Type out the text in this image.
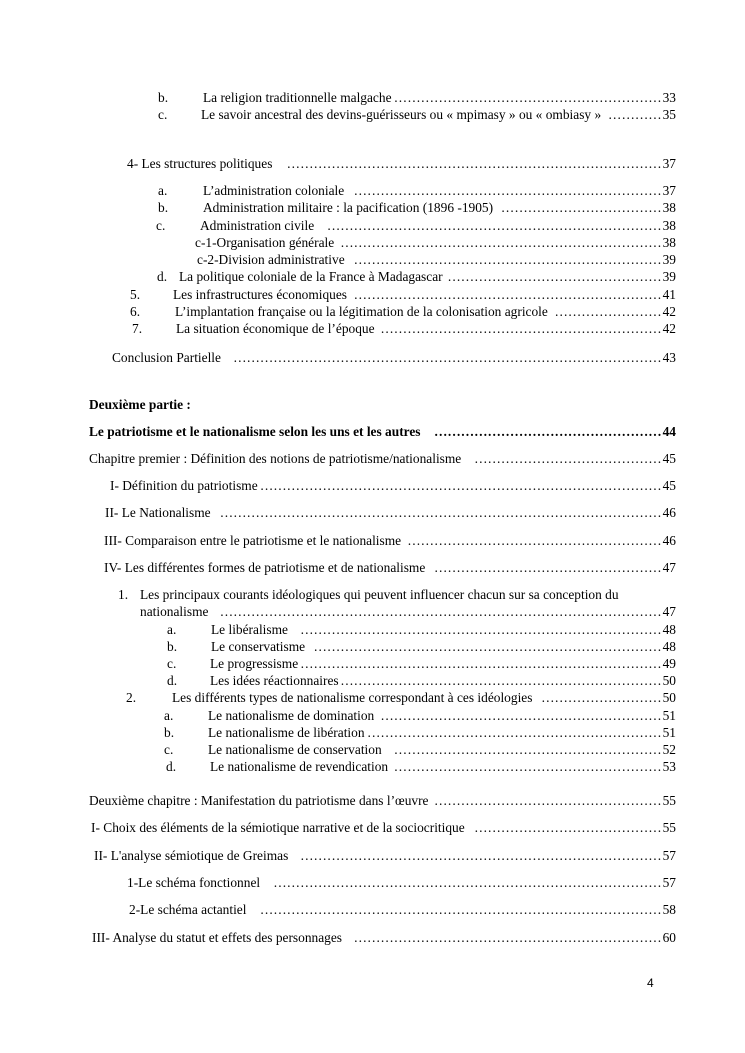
b.	La religion traditionnelle malgache	33
……………………………………………………
c.	Le savoir ancestral des devins-guérisseurs ou « mpimasy » ou « ombiasy »	35
…………
4- Les structures politiques	37
…………………………………………………………………………
a.	L’administration coloniale	37
……………………………………………………………
b.	Administration militaire : la pacification (1896 -1905)	38
………………………………
c.	Administration civile	38
…………………………………………………………………
c-1-Organisation générale	38
………………………………………………………………
c-2-Division administrative	39
……………………………………………………………
d. La politique coloniale de la France à Madagascar	39
…………………………………………
5. Les infrastructures économiques	41
……………………………………………………………
6.	L’implantation française ou la légitimation de la colonisation agricole	42
……………………
7.	La situation économique de l’époque	42
………………………………………………………
Conclusion Partielle	43
……………………………………………………………………………………
Deuxième partie :
Le patriotisme et le nationalisme selon les uns et les autres	44
……………………………………………
Chapitre premier : Définition des notions de patriotisme/nationalisme	45
……………………………………
I- Définition du patriotisme	45
………………………………………………………………………………
II- Le Nationalisme	46
………………………………………………………………………………………
III- Comparaison entre le patriotisme et le nationalisme	46
…………………………………………………
IV- Les différentes formes de patriotisme et de nationalisme	47
……………………………………………
1. Les principaux courants idéologiques qui peuvent influencer chacun sur sa conception du
nationalisme	47
………………………………………………………………………………………
a.	Le libéralisme	48
………………………………………………………………………
b.	Le conservatisme	48
……………………………………………………………………
c.	Le progressisme	49
………………………………………………………………………
d. Les idées réactionnaires	50
………………………………………………………………
2.	Les différents types de nationalisme correspondant à ces idéologies	50
………………………
a.	Le nationalisme de domination	51
………………………………………………………
b.	Le nationalisme de libération	51
…………………………………………………………
c.	Le nationalisme de conservation	52
……………………………………………………
d.	Le nationalisme de revendication	53
……………………………………………………
Deuxième chapitre : Manifestation du patriotisme dans l’œuvre	55
……………………………………………
I- Choix des éléments de la sémiotique narrative et de la sociocritique	55
……………………………………
II- L'analyse sémiotique de Greimas	57
………………………………………………………………………
1-Le schéma fonctionnel	57
……………………………………………………………………………
2-Le schéma actantiel	58
………………………………………………………………………………
III- Analyse du statut et effets des personnages	60
……………………………………………………………
4
